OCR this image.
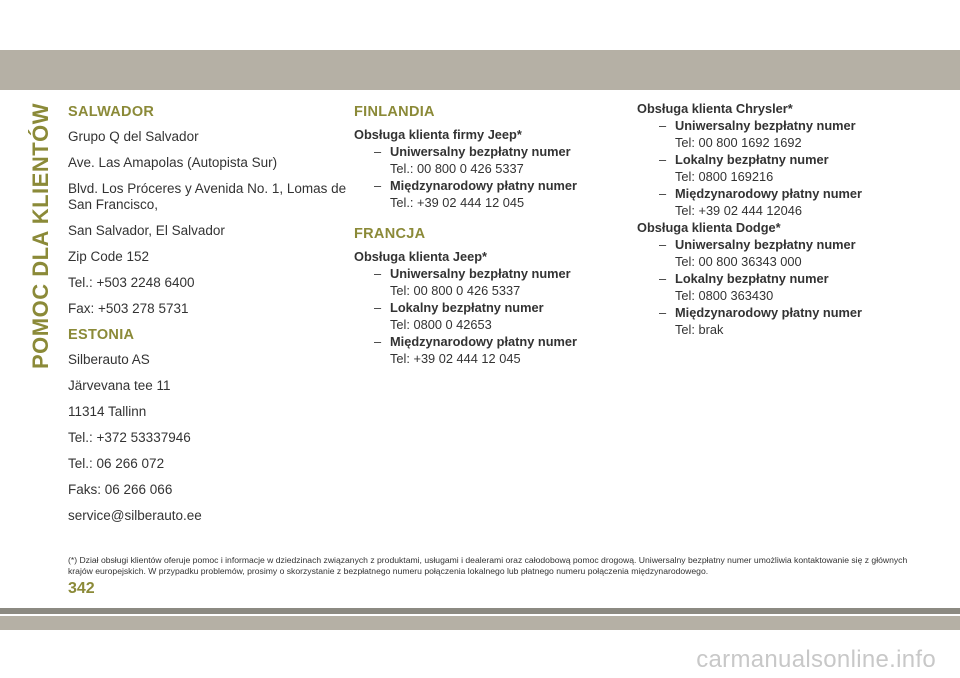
POMOC DLA KLIENTÓW SALWADOR
Grupo Q del Salvador
Ave. Las Amapolas (Autopista Sur)
Blvd. Los Próceres y Avenida No. 1, Lomas de San Francisco,
San Salvador, El Salvador
Zip Code 152
Tel.: +503 2248 6400
Fax: +503 278 5731
ESTONIA
Silberauto AS
Järvevana tee 11
11314 Tallinn
Tel.: +372 53337946
Tel.: 06 266 072
Faks: 06 266 066
service@silberauto.ee
FINLANDIA
Obsługa klienta firmy Jeep*
– Uniwersalny bezpłatny numer
Tel.: 00 800 0 426 5337
– Międzynarodowy płatny numer
Tel.: +39 02 444 12 045
FRANCJA
Obsługa klienta Jeep*
– Uniwersalny bezpłatny numer
Tel: 00 800 0 426 5337
– Lokalny bezpłatny numer
Tel: 0800 0 42653
– Międzynarodowy płatny numer
Tel: +39 02 444 12 045
Obsługa klienta Chrysler*
– Uniwersalny bezpłatny numer
Tel: 00 800 1692 1692
– Lokalny bezpłatny numer
Tel: 0800 169216
– Międzynarodowy płatny numer
Tel: +39 02 444 12046
Obsługa klienta Dodge*
– Uniwersalny bezpłatny numer
Tel: 00 800 36343 000
– Lokalny bezpłatny numer
Tel: 0800 363430
– Międzynarodowy płatny numer
Tel: brak
(*) Dział obsługi klientów oferuje pomoc i informacje w dziedzinach związanych z produktami, usługami i dealerami oraz całodobową pomoc drogową. Uniwersalny bezpłatny numer umożliwia kontaktowanie się z głównych krajów europejskich. W przypadku problemów, prosimy o skorzystanie z bezpłatnego numeru połączenia lokalnego lub płatnego numeru połączenia międzynarodowego.
342
carmanualsonline.info
